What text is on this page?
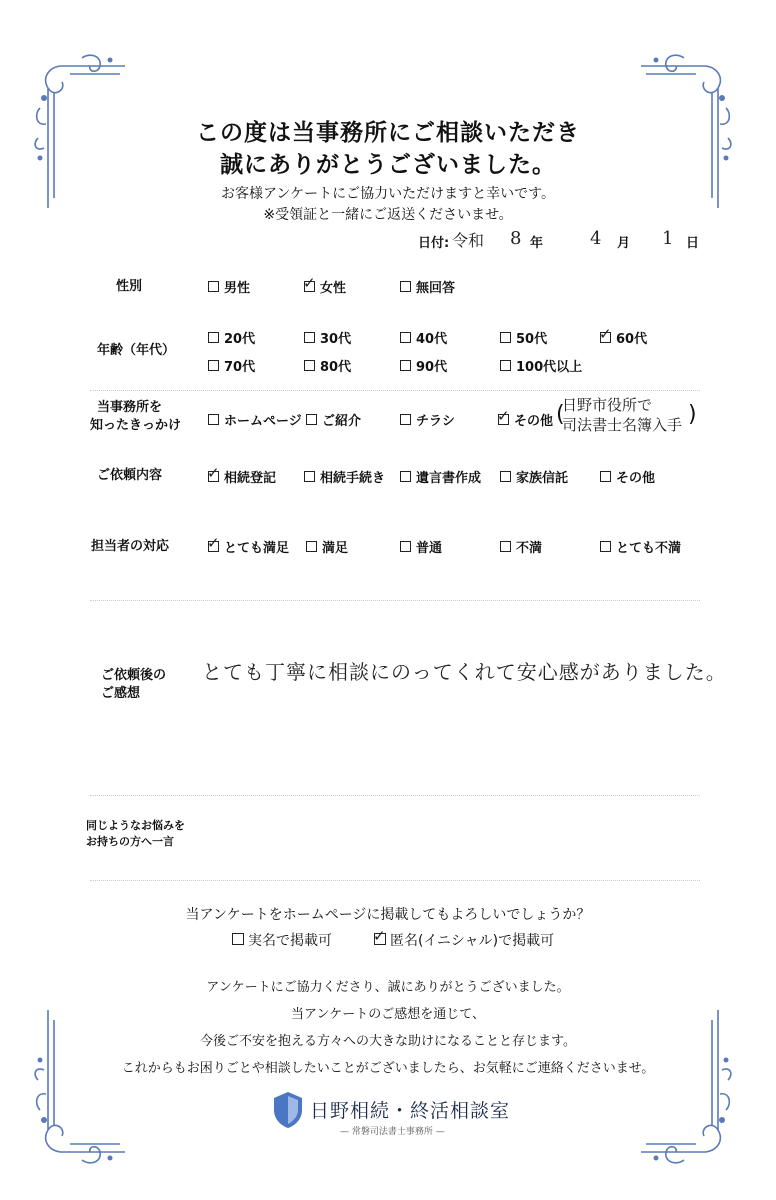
この度は当事務所にご相談いただき
誠にありがとうございました。
お客様アンケートにご協力いただけますと幸いです。
※受領証と一緒にご返送くださいませ。
日付: 令和 8 年	4 月 1 日
性別	男性	✓ 女性	無回答
年齢（年代）
20代	30代	40代	50代	✓ 60代
70代	80代	90代	100代以上
当事務所を
知ったきっかけ	ホームページ	ご紹介	チラシ	✓ その他 (
日野市役所で
司法書士名簿入手 )
ご依頼内容	✓ 相続登記	相続手続き	遺言書作成	家族信託	その他
担当者の対応	✓ とても満足	満足	普通	不満	とても不満
ご依頼後の
ご感想
とても丁寧に相談にのってくれて安心感がありました。
同じようなお悩みを
お持ちの方へ一言
当アンケートをホームページに掲載してもよろしいでしょうか？
実名で掲載可	✓ 匿名(イニシャル)で掲載可
アンケートにご協力くださり、誠にありがとうございました。
当アンケートのご感想を通じて、
今後ご不安を抱える方々への大きな助けになることと存じます。
これからもお困りごとや相談したいことがございましたら、お気軽にご連絡くださいませ。
日野相続・終活相談室
— 常磐司法書士事務所 —
